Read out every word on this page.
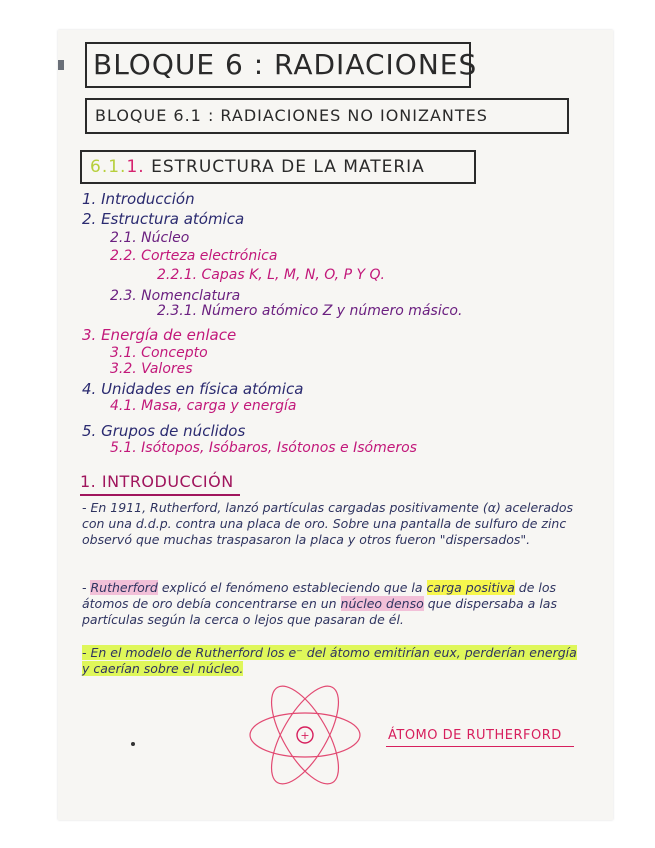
BLOQUE 6 : RADIACIONES
BLOQUE 6.1 : RADIACIONES NO IONIZANTES
6.1.1. ESTRUCTURA DE LA MATERIA
1. Introducción
2. Estructura atómica
2.1. Núcleo
2.2. Corteza electrónica
2.2.1. Capas K, L, M, N, O, P Y Q.
2.3. Nomenclatura
2.3.1. Número atómico Z y número másico.
3. Energía de enlace
3.1. Concepto
3.2. Valores
4. Unidades en física atómica
4.1. Masa, carga y energía
5. Grupos de núclidos
5.1. Isótopos, Isóbaros, Isótonos e Isómeros
1. INTRODUCCIÓN
- En 1911, Rutherford, lanzó partículas cargadas positivamente (α) acelerados con una d.d.p. contra una placa de oro. Sobre una pantalla de sulfuro de zinc observó que muchas traspasaron la placa y otros fueron "dispersados".
- Rutherford explicó el fenómeno estableciendo que la carga positiva de los átomos de oro debía concentrarse en un núcleo denso que dispersaba a las partículas según la cerca o lejos que pasaran de él.
- En el modelo de Rutherford los e⁻ del átomo emitirían eux, perderían energía y caerían sobre el núcleo.
+	ÁTOMO DE RUTHERFORD
